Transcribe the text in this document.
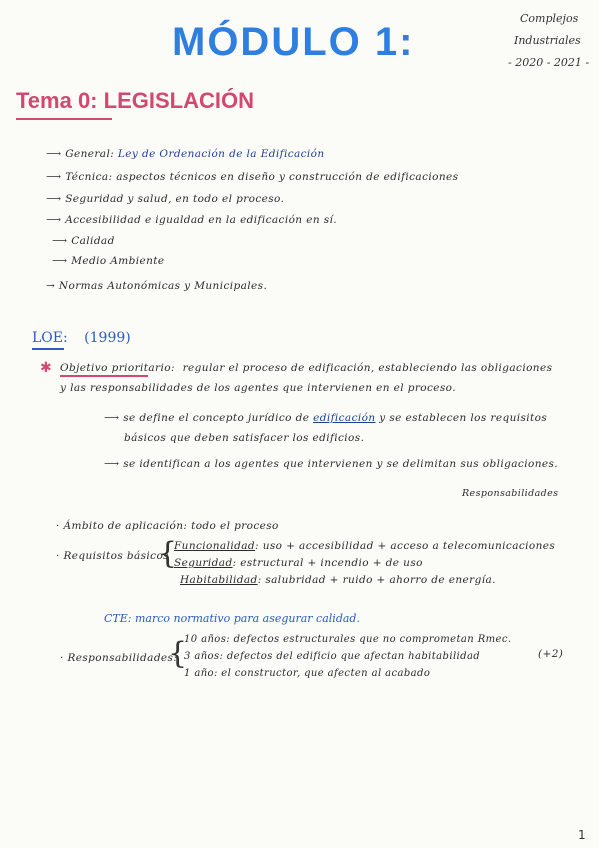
MÓDULO 1:
Complejos
Industriales
- 2020 - 2021 -
Tema 0: LEGISLACIÓN
⟶ General: Ley de Ordenación de la Edificación
⟶ Técnica: aspectos técnicos en diseño y construcción de edificaciones
⟶ Seguridad y salud, en todo el proceso.
⟶ Accesibilidad e igualdad en la edificación en sí.
⟶ Calidad
⟶ Medio Ambiente
→ Normas Autonómicas y Municipales.
LOE: (1999)
✱ Objetivo prioritario: regular el proceso de edificación, estableciendo las obligaciones
y las responsabilidades de los agentes que intervienen en el proceso.
⟶ se define el concepto jurídico de edificación y se establecen los requisitos
básicos que deben satisfacer los edificios.
⟶ se identifican a los agentes que intervienen y se delimitan sus obligaciones.
Responsabilidades
· Ámbito de aplicación: todo el proceso
· Requisitos básicos
{
Funcionalidad: uso + accesibilidad + acceso a telecomunicaciones
Seguridad: estructural + incendio + de uso
Habitabilidad: salubridad + ruido + ahorro de energía.
CTE: marco normativo para asegurar calidad.
· Responsabilidades:
{
10 años: defectos estructurales que no comprometan Rmec.
3 años: defectos del edificio que afectan habitabilidad
1 año: el constructor, que afecten al acabado
(+2)
1
